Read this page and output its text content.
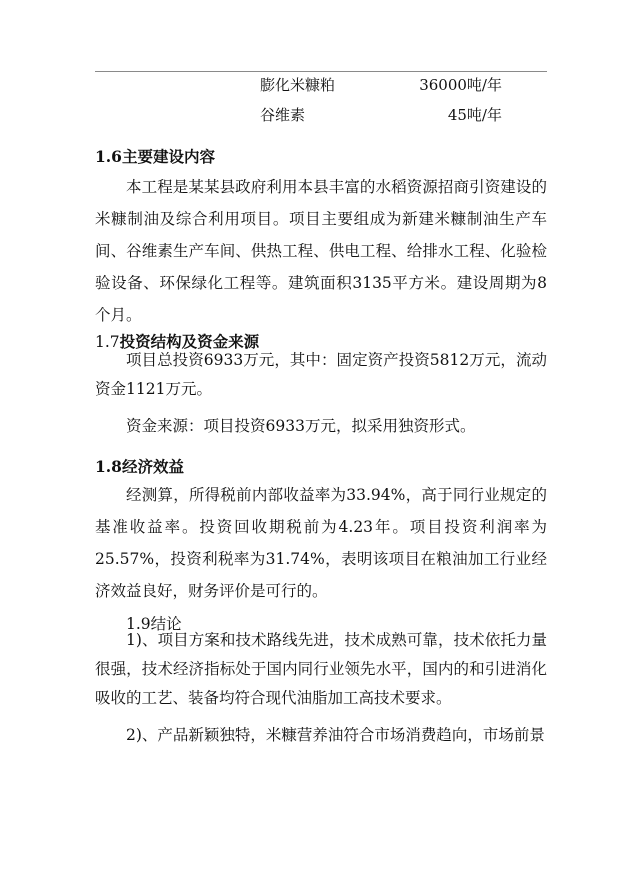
膨化米糠粕	36000吨/年
谷维素	45吨/年
1.6主要建设内容

本工程是某某县政府利用本县丰富的水稻资源招商引资建设的米糠制油及综合利用项目。项目主要组成为新建米糠制油生产车间、谷维素生产车间、供热工程、供电工程、给排水工程、化验检验设备、环保绿化工程等。建筑面积3135平方米。建设周期为8个月。

1.7投资结构及资金来源

项目总投资6933万元，其中：固定资产投资5812万元，流动资金1121万元。

资金来源：项目投资6933万元，拟采用独资形式。

1.8经济效益

经测算，所得税前内部收益率为33.94%，高于同行业规定的基准收益率。投资回收期税前为4.23年。项目投资利润率为25.57%，投资利税率为31.74%，表明该项目在粮油加工行业经济效益良好，财务评价是可行的。

1.9结论

1)、项目方案和技术路线先进，技术成熟可靠，技术依托力量很强，技术经济指标处于国内同行业领先水平，国内的和引进消化吸收的工艺、装备均符合现代油脂加工高技术要求。

2)、产品新颖独特，米糠营养油符合市场消费趋向，市场前景
